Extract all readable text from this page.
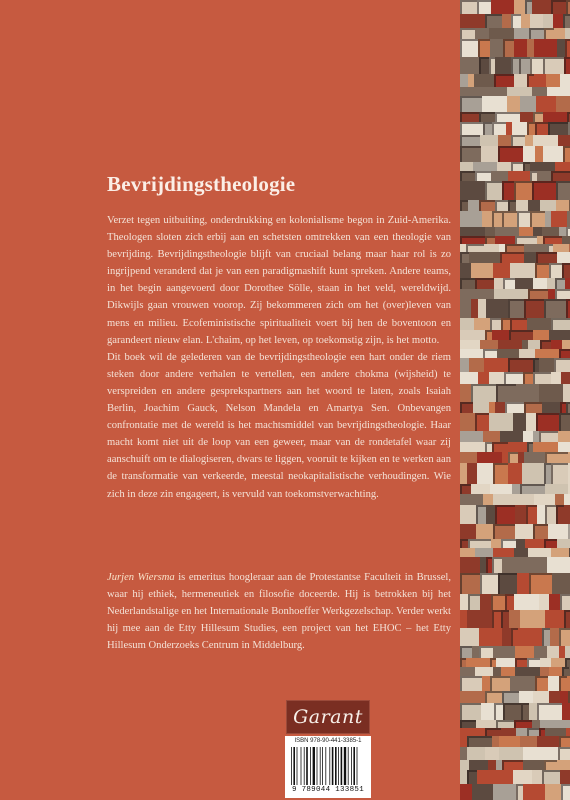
Bevrijdingstheologie

Verzet tegen uitbuiting, onderdrukking en kolonialisme begon in Zuid-Amerika. Theologen sloten zich erbij aan en schetsten omtrekken van een theologie van bevrijding. Bevrijdingstheologie blijft van cruciaal belang maar haar rol is zo ingrijpend veranderd dat je van een paradigmashift kunt spreken. Andere teams, in het begin aangevoerd door Dorothee Sölle, staan in het veld, wereldwijd. Dikwijls gaan vrouwen voorop. Zij bekommeren zich om het (over)leven van mens en milieu. Ecofeministische spiritualiteit voert bij hen de boventoon en garandeert nieuw elan. L'chaim, op het leven, op toekomstig zijn, is het motto.

Dit boek wil de gelederen van de bevrijdingstheologie een hart onder de riem steken door andere verhalen te vertellen, een andere chokma (wijsheid) te verspreiden en andere gesprekspartners aan het woord te laten, zoals Isaiah Berlin, Joachim Gauck, Nelson Mandela en Amartya Sen. Onbevangen confrontatie met de wereld is het machtsmiddel van bevrijdingstheologie. Haar macht komt niet uit de loop van een geweer, maar van de rondetafel waar zij aanschuift om te dialogiseren, dwars te liggen, vooruit te kijken en te werken aan de transformatie van verkeerde, meestal neokapitalistische verhoudingen. Wie zich in deze zin engageert, is vervuld van toekomstverwachting.

Jurjen Wiersma is emeritus hoogleraar aan de Protestantse Faculteit in Brussel, waar hij ethiek, hermeneutiek en filosofie doceerde. Hij is betrokken bij het Nederlandstalige en het Internationale Bonhoeffer Werkgezelschap. Verder werkt hij mee aan de Etty Hillesum Studies, een project van het EHOC – het Etty Hillesum Onderzoeks Centrum in Middelburg.
Garant
ISBN 978-90-441-3385-1
9 789044 133851
